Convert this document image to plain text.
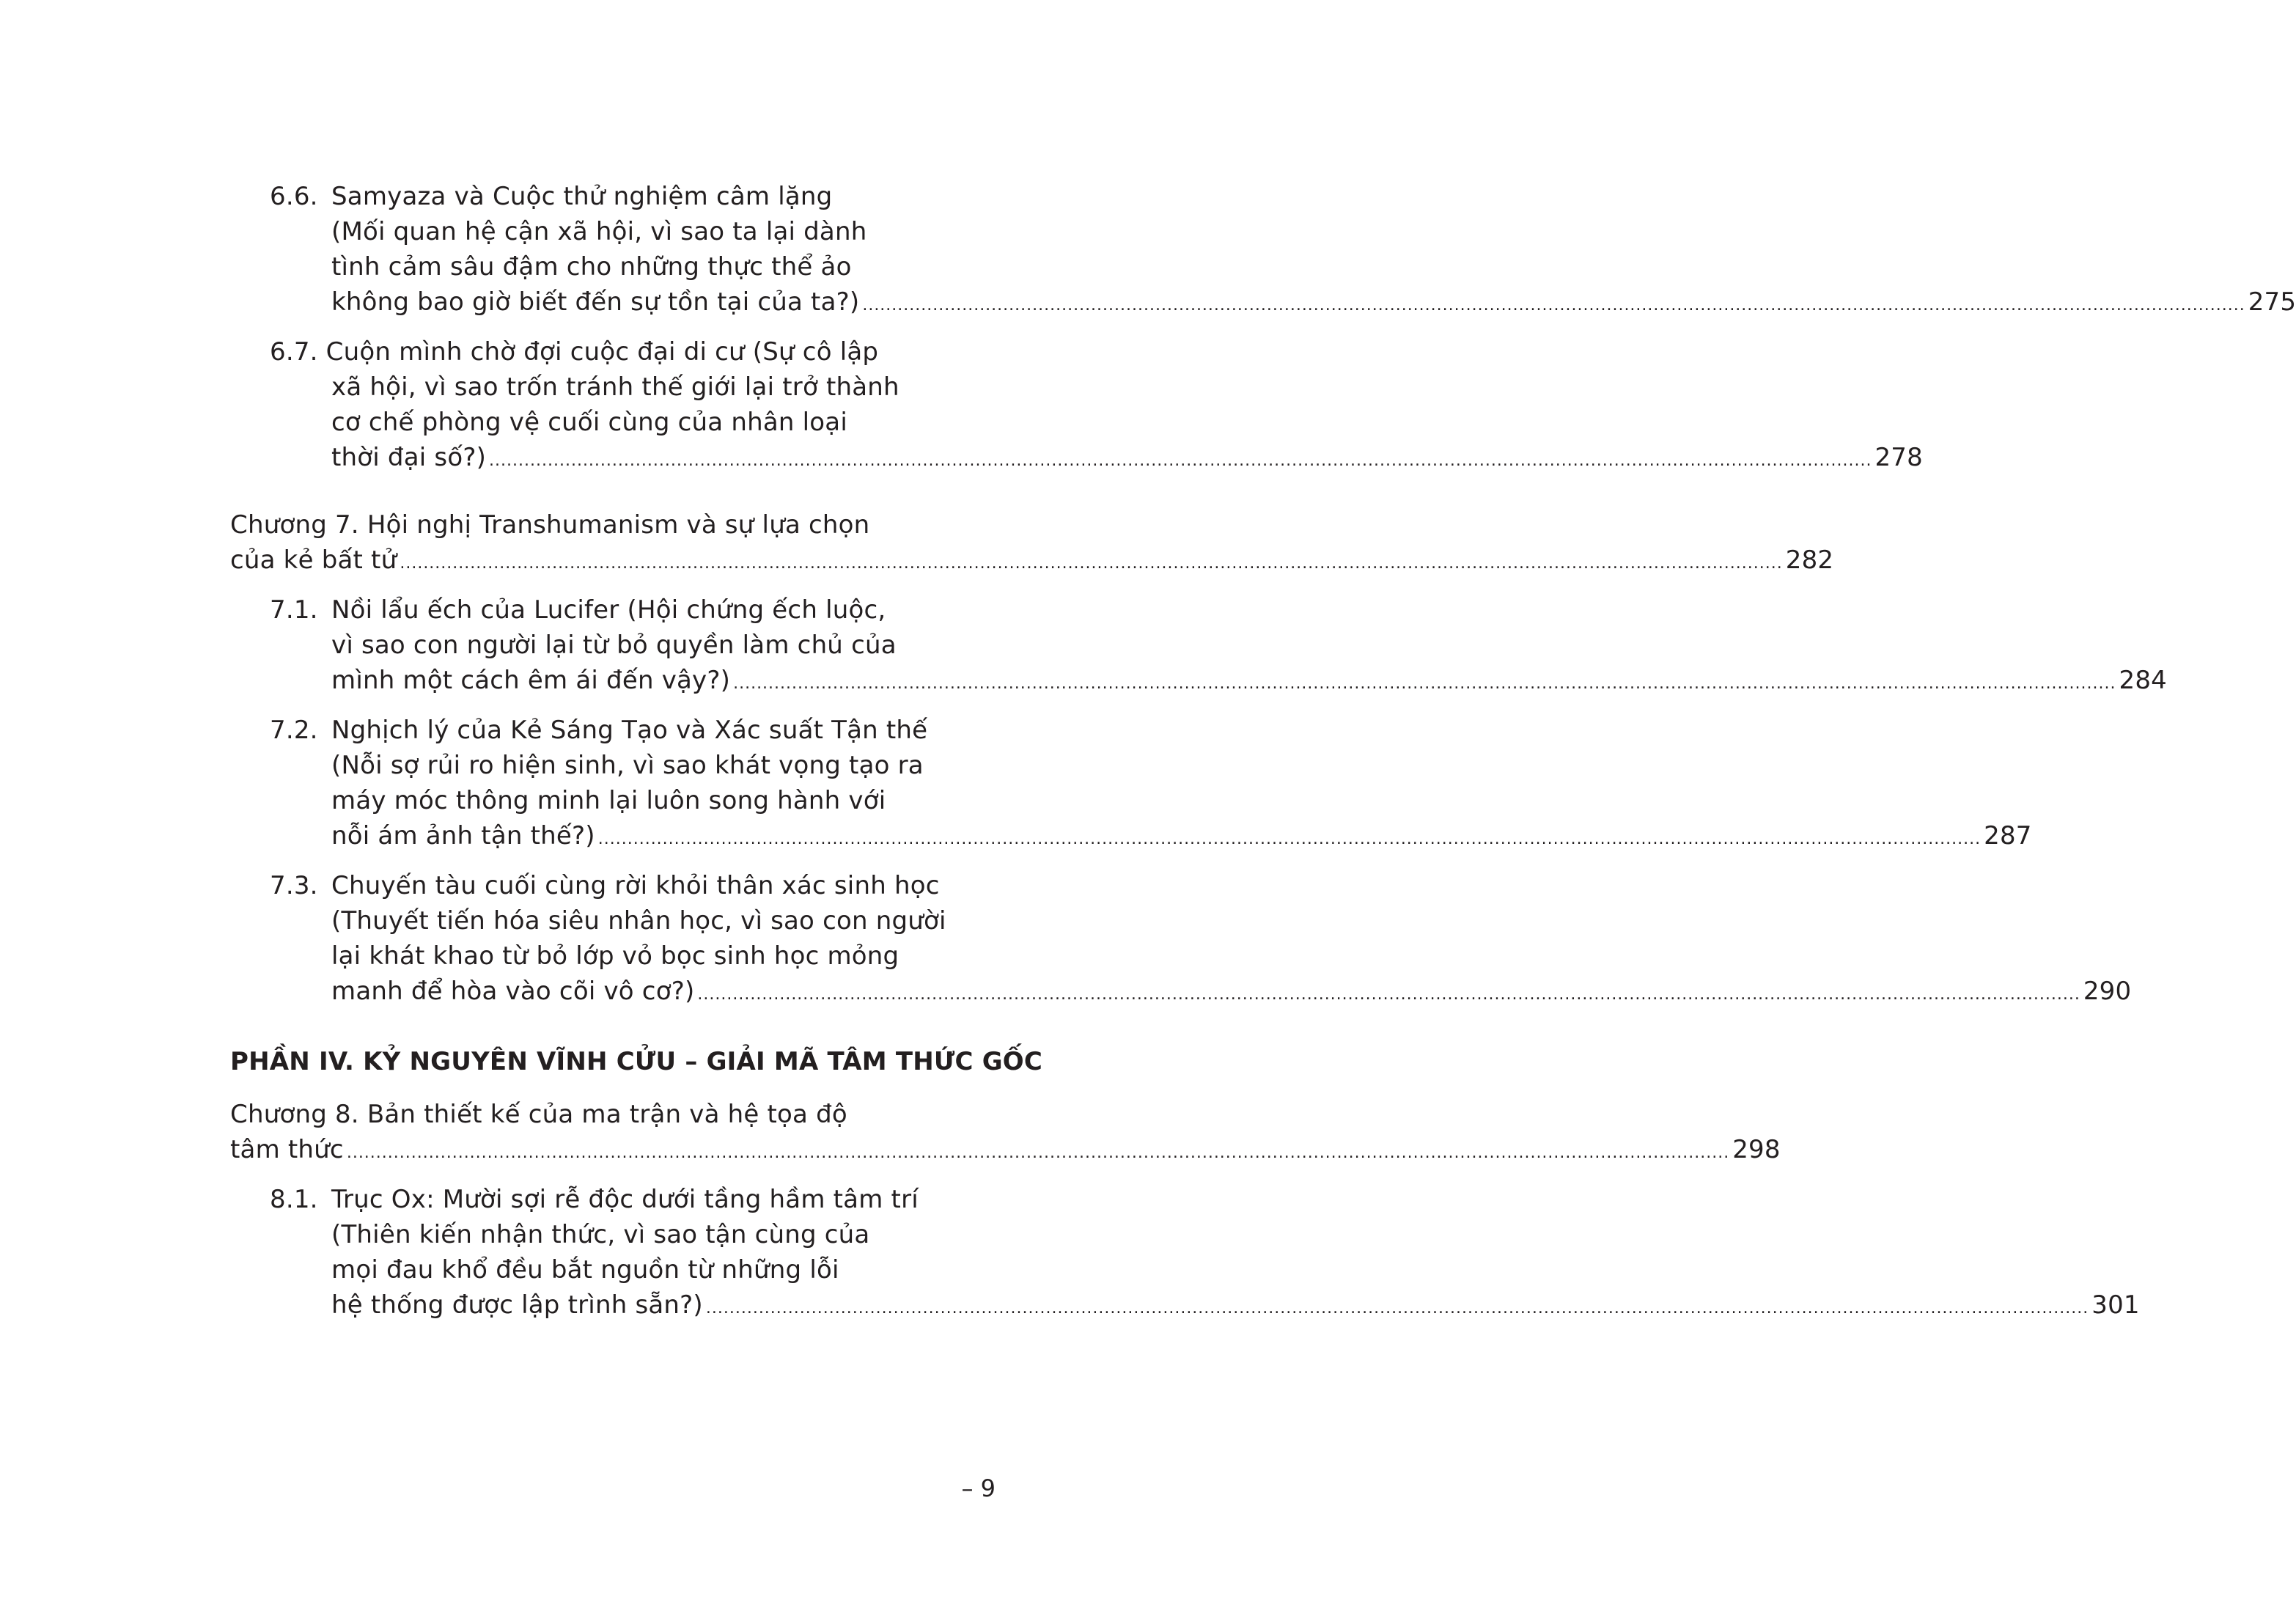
6.6. Samyaza và Cuộc thử nghiệm câm lặng
(Mối quan hệ cận xã hội, vì sao ta lại dành
tình cảm sâu đậm cho những thực thể ảo
không bao giờ biết đến sự tồn tại của ta?) ............................................................................................................................................................................................................................................ 275
6.7. Cuộn mình chờ đợi cuộc đại di cư (Sự cô lập
xã hội, vì sao trốn tránh thế giới lại trở thành
cơ chế phòng vệ cuối cùng của nhân loại
thời đại số?) ............................................................................................................................................................................................................................................ 278
Chương 7. Hội nghị Transhumanism và sự lựa chọn
của kẻ bất tử ............................................................................................................................................................................................................................................ 282
7.1. Nồi lẩu ếch của Lucifer (Hội chứng ếch luộc,
vì sao con người lại từ bỏ quyền làm chủ của
mình một cách êm ái đến vậy?) ............................................................................................................................................................................................................................................ 284
7.2. Nghịch lý của Kẻ Sáng Tạo và Xác suất Tận thế
(Nỗi sợ rủi ro hiện sinh, vì sao khát vọng tạo ra
máy móc thông minh lại luôn song hành với
nỗi ám ảnh tận thế?) ............................................................................................................................................................................................................................................ 287
7.3. Chuyến tàu cuối cùng rời khỏi thân xác sinh học
(Thuyết tiến hóa siêu nhân học, vì sao con người
lại khát khao từ bỏ lớp vỏ bọc sinh học mỏng
manh để hòa vào cõi vô cơ?) ............................................................................................................................................................................................................................................ 290
PHẦN IV. KỶ NGUYÊN VĨNH CỬU – GIẢI MÃ TÂM THỨC GỐC
Chương 8. Bản thiết kế của ma trận và hệ tọa độ
tâm thức ............................................................................................................................................................................................................................................ 298
8.1. Trục Ox: Mười sợi rễ độc dưới tầng hầm tâm trí
(Thiên kiến nhận thức, vì sao tận cùng của
mọi đau khổ đều bắt nguồn từ những lỗi
hệ thống được lập trình sẵn?) ............................................................................................................................................................................................................................................ 301
– 9
